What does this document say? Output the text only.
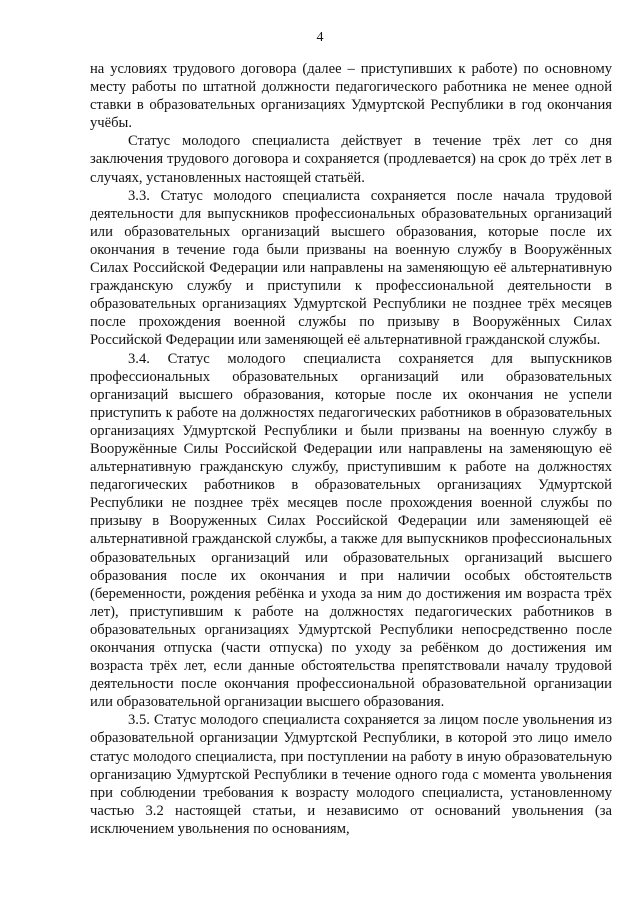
4

на условиях трудового договора (далее – приступивших к работе) по основному месту работы по штатной должности педагогического работника не менее одной ставки в образовательных организациях Удмуртской Республики в год окончания учёбы.

Статус молодого специалиста действует в течение трёх лет со дня заключения трудового договора и сохраняется (продлевается) на срок до трёх лет в случаях, установленных настоящей статьёй.

3.3. Статус молодого специалиста сохраняется после начала трудовой деятельности для выпускников профессиональных образовательных организаций или образовательных организаций высшего образования, которые после их окончания в течение года были призваны на военную службу в Вооружённых Силах Российской Федерации или направлены на заменяющую её альтернативную гражданскую службу и приступили к профессиональной деятельности в образовательных организациях Удмуртской Республики не позднее трёх месяцев после прохождения военной службы по призыву в Вооружённых Силах Российской Федерации или заменяющей её альтернативной гражданской службы.

3.4. Статус молодого специалиста сохраняется для выпускников профессиональных образовательных организаций или образовательных организаций высшего образования, которые после их окончания не успели приступить к работе на должностях педагогических работников в образовательных организациях Удмуртской Республики и были призваны на военную службу в Вооружённые Силы Российской Федерации или направлены на заменяющую её альтернативную гражданскую службу, приступившим к работе на должностях педагогических работников в образовательных организациях Удмуртской Республики не позднее трёх месяцев после прохождения военной службы по призыву в Вооруженных Силах Российской Федерации или заменяющей её альтернативной гражданской службы, а также для выпускников профессиональных образовательных организаций или образовательных организаций высшего образования после их окончания и при наличии особых обстоятельств (беременности, рождения ребёнка и ухода за ним до достижения им возраста трёх лет), приступившим к работе на должностях педагогических работников в образовательных организациях Удмуртской Республики непосредственно после окончания отпуска (части отпуска) по уходу за ребёнком до достижения им возраста трёх лет, если данные обстоятельства препятствовали началу трудовой деятельности после окончания профессиональной образовательной организации или образовательной организации высшего образования.

3.5. Статус молодого специалиста сохраняется за лицом после увольнения из образовательной организации Удмуртской Республики, в которой это лицо имело статус молодого специалиста, при поступлении на работу в иную образовательную организацию Удмуртской Республики в течение одного года с момента увольнения при соблюдении требования к возрасту молодого специалиста, установленному частью 3.2 настоящей статьи, и независимо от оснований увольнения (за исключением увольнения по основаниям,
